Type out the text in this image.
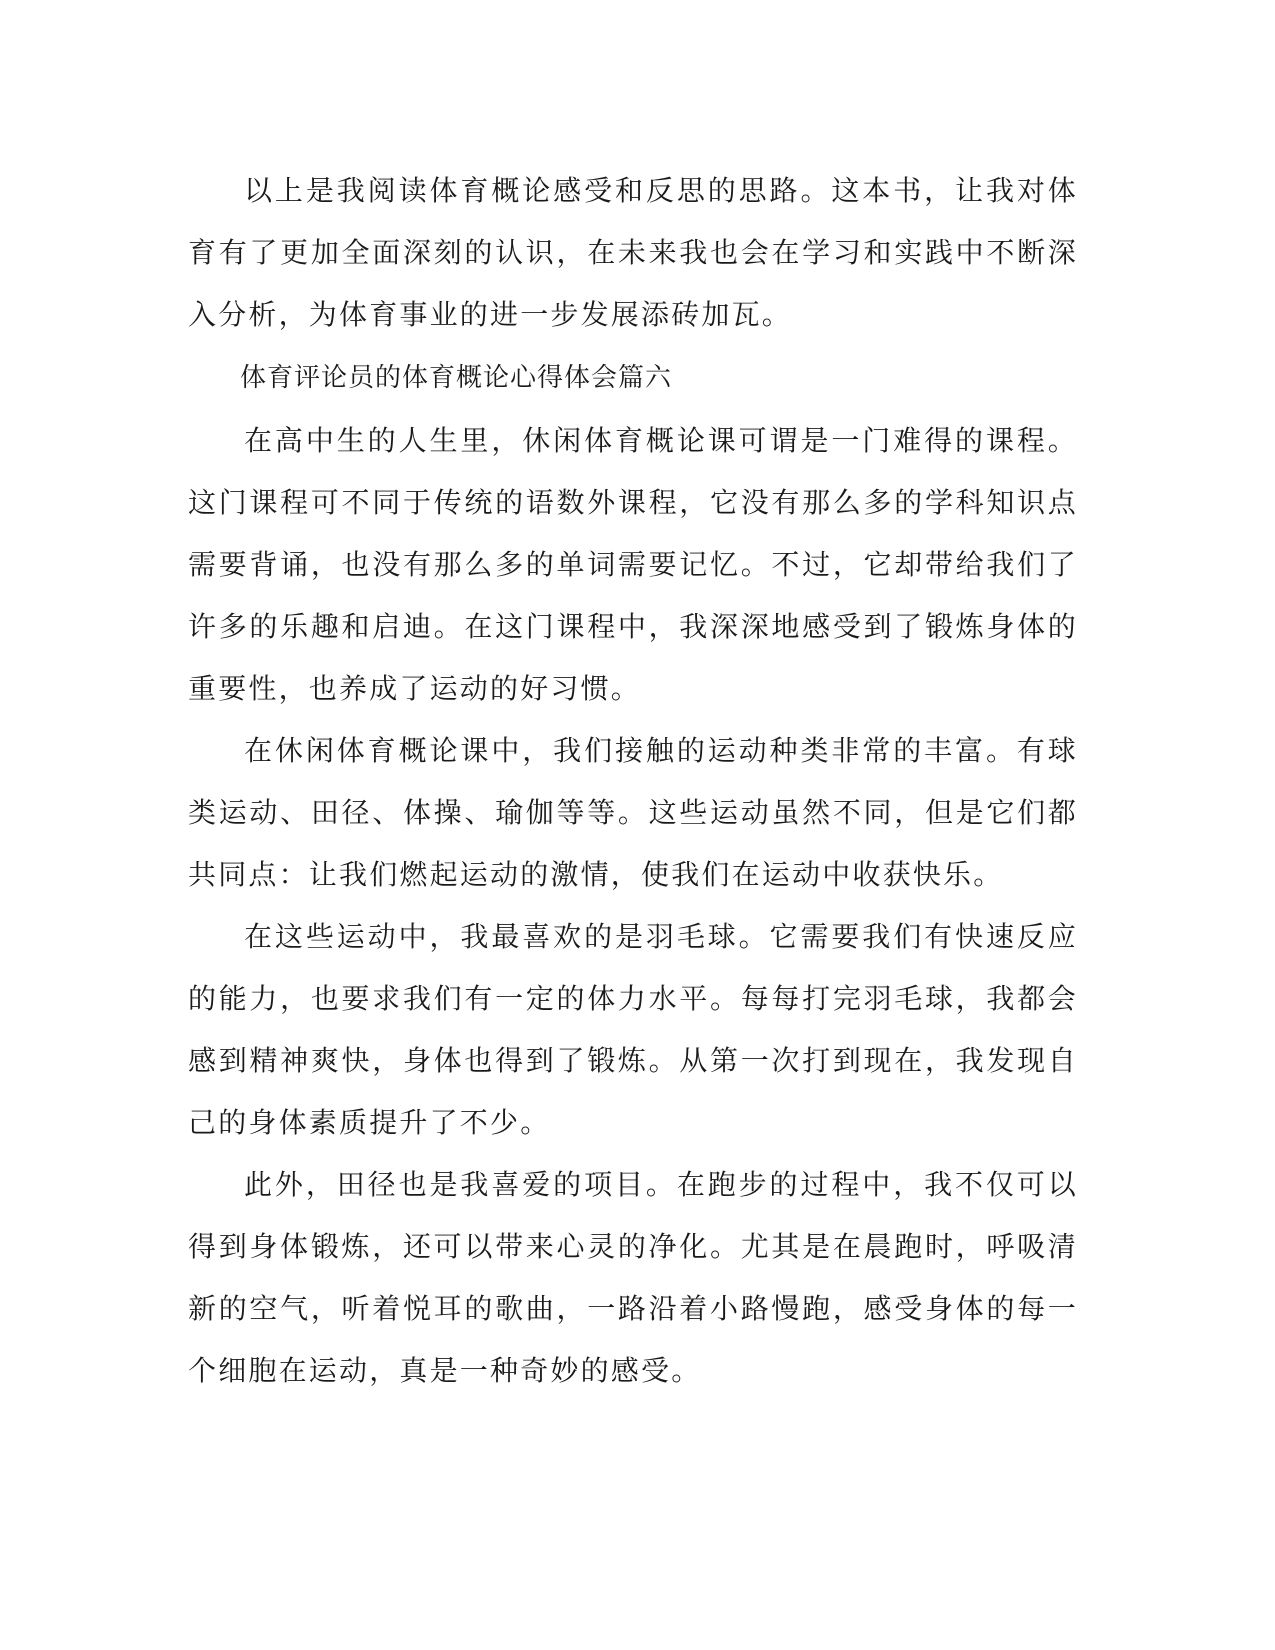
以上是我阅读体育概论感受和反思的思路。这本书，让我对体育有了更加全面深刻的认识，在未来我也会在学习和实践中不断深入分析，为体育事业的进一步发展添砖加瓦。

体育评论员的体育概论心得体会篇六

在高中生的人生里，休闲体育概论课可谓是一门难得的课程。这门课程可不同于传统的语数外课程，它没有那么多的学科知识点需要背诵，也没有那么多的单词需要记忆。不过，它却带给我们了许多的乐趣和启迪。在这门课程中，我深深地感受到了锻炼身体的重要性，也养成了运动的好习惯。

在休闲体育概论课中，我们接触的运动种类非常的丰富。有球类运动、田径、体操、瑜伽等等。这些运动虽然不同，但是它们都共同点：让我们燃起运动的激情，使我们在运动中收获快乐。

在这些运动中，我最喜欢的是羽毛球。它需要我们有快速反应的能力，也要求我们有一定的体力水平。每每打完羽毛球，我都会感到精神爽快，身体也得到了锻炼。从第一次打到现在，我发现自己的身体素质提升了不少。

此外，田径也是我喜爱的项目。在跑步的过程中，我不仅可以得到身体锻炼，还可以带来心灵的净化。尤其是在晨跑时，呼吸清新的空气，听着悦耳的歌曲，一路沿着小路慢跑，感受身体的每一个细胞在运动，真是一种奇妙的感受。
